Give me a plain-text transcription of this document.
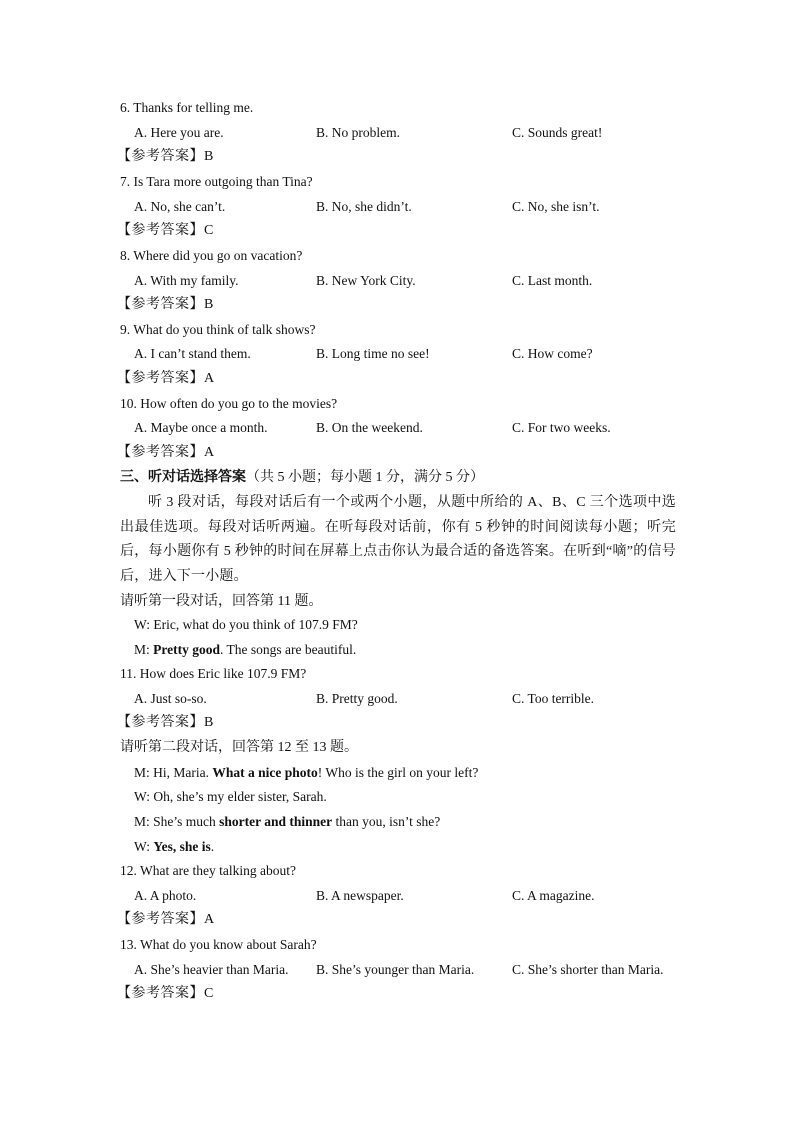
6. Thanks for telling me.
A. Here you are.	B. No problem.	C. Sounds great!
【参考答案】B
7. Is Tara more outgoing than Tina?
A. No, she can’t.	B. No, she didn’t.	C. No, she isn’t.
【参考答案】C
8. Where did you go on vacation?
A. With my family.	B. New York City.	C. Last month.
【参考答案】B
9. What do you think of talk shows?
A. I can’t stand them.	B. Long time no see!	C. How come?
【参考答案】A
10. How often do you go to the movies?
A. Maybe once a month.	B. On the weekend.	C. For two weeks.
【参考答案】A
三、听对话选择答案（共 5 小题；每小题 1 分，满分 5 分）
听 3 段对话，每段对话后有一个或两个小题，从题中所给的 A、B、C 三个选项中选出最佳选项。每段对话听两遍。在听每段对话前，你有 5 秒钟的时间阅读每小题；听完后，每小题你有 5 秒钟的时间在屏幕上点击你认为最合适的备选答案。在听到“嘀”的信号后，进入下一小题。
请听第一段对话，回答第 11 题。
W: Eric, what do you think of 107.9 FM?
M: Pretty good. The songs are beautiful.
11. How does Eric like 107.9 FM?
A. Just so-so.	B. Pretty good.	C. Too terrible.
【参考答案】B
请听第二段对话，回答第 12 至 13 题。
M: Hi, Maria. What a nice photo! Who is the girl on your left?
W: Oh, she’s my elder sister, Sarah.
M: She’s much shorter and thinner than you, isn’t she?
W: Yes, she is.
12. What are they talking about?
A. A photo.	B. A newspaper.	C. A magazine.
【参考答案】A
13. What do you know about Sarah?
A. She’s heavier than Maria. B. She’s younger than Maria.	C. She’s shorter than Maria.
【参考答案】C
